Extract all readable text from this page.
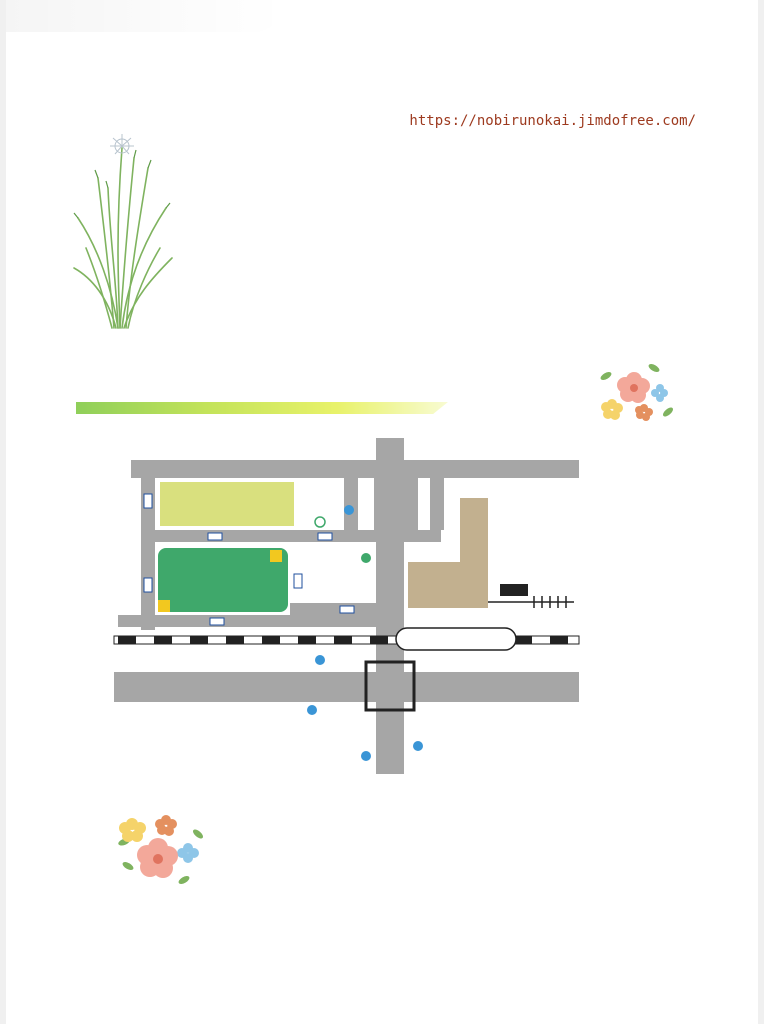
https://nobirunokai.jimdofree.com/
